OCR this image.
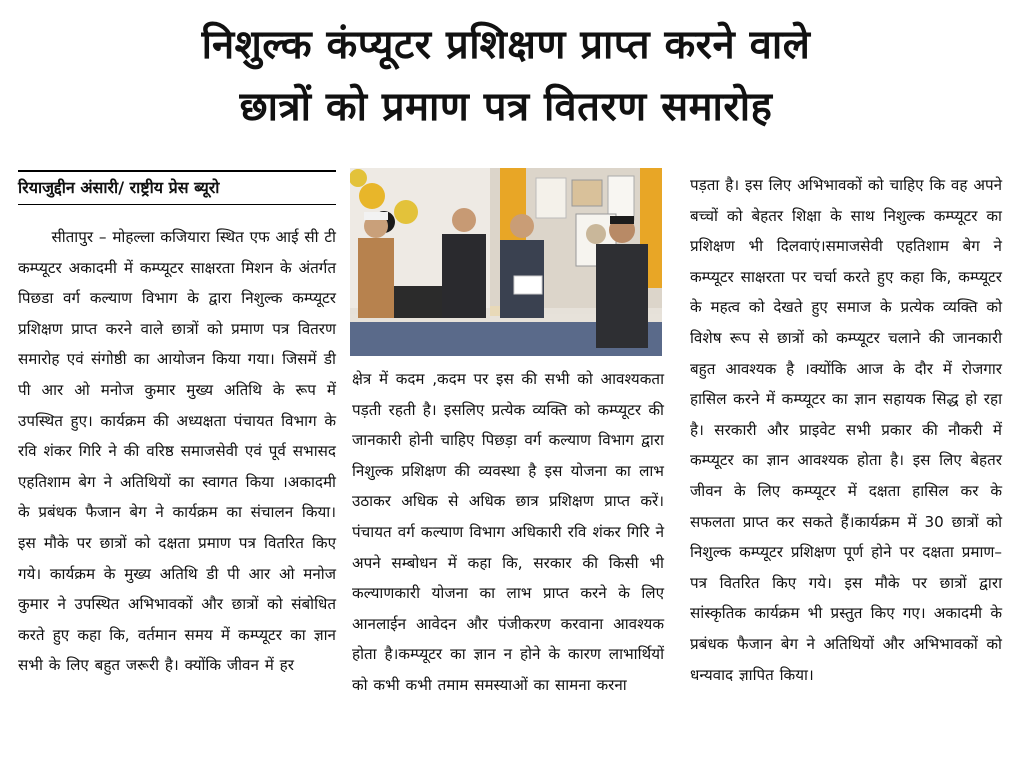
निशुल्क कंप्यूटर प्रशिक्षण प्राप्त करने वाले
छात्रों को प्रमाण पत्र वितरण समारोह
रियाजुद्दीन अंसारी/ राष्ट्रीय प्रेस ब्यूरो

सीतापुर – मोहल्ला कजियारा स्थित एफ आई सी टी कम्प्यूटर अकादमी में कम्प्यूटर साक्षरता मिशन के अंतर्गत पिछडा वर्ग कल्याण विभाग के द्वारा निशुल्क कम्प्यूटर प्रशिक्षण प्राप्त करने वाले छात्रों को प्रमाण पत्र वितरण समारोह एवं संगोष्ठी का आयोजन किया गया। जिसमें डी पी आर ओ मनोज कुमार मुख्य अतिथि के रूप में उपस्थित हुए। कार्यक्रम की अध्यक्षता पंचायत विभाग के रवि शंकर गिरि ने की वरिष्ठ समाजसेवी एवं पूर्व सभासद एहतिशाम बेग ने अतिथियों का स्वागत किया ।अकादमी के प्रबंधक फैजान बेग ने कार्यक्रम का संचालन किया। इस मौके पर छात्रों को दक्षता प्रमाण पत्र वितरित किए गये। कार्यक्रम के मुख्य अतिथि डी पी आर ओ मनोज कुमार ने उपस्थित अभिभावकों और छात्रों को संबोधित करते हुए कहा कि, वर्तमान समय में कम्प्यूटर का ज्ञान सभी के लिए बहुत जरूरी है। क्योंकि जीवन में हर

क्षेत्र में कदम ,कदम पर इस की सभी को आवश्यकता पड़ती रहती है। इसलिए प्रत्येक व्यक्ति को कम्प्यूटर की जानकारी होनी चाहिए पिछड़ा वर्ग कल्याण विभाग द्वारा निशुल्क प्रशिक्षण की व्यवस्था है इस योजना का लाभ उठाकर अधिक से अधिक छात्र प्रशिक्षण प्राप्त करें। पंचायत वर्ग कल्याण विभाग अधिकारी रवि शंकर गिरि ने अपने सम्बोधन में कहा कि, सरकार की किसी भी कल्याणकारी योजना का लाभ प्राप्त करने के लिए आनलाईन आवेदन और पंजीकरण करवाना आवश्यक होता है।कम्प्यूटर का ज्ञान न होने के कारण लाभार्थियों को कभी कभी तमाम समस्याओं का सामना करना

पड़ता है। इस लिए अभिभावकों को चाहिए कि वह अपने बच्चों को बेहतर शिक्षा के साथ निशुल्क कम्प्यूटर का प्रशिक्षण भी दिलवाएं।समाजसेवी एहतिशाम बेग ने कम्प्यूटर साक्षरता पर चर्चा करते हुए कहा कि, कम्प्यूटर के महत्व को देखते हुए समाज के प्रत्येक व्यक्ति को विशेष रूप से छात्रों को कम्प्यूटर चलाने की जानकारी बहुत आवश्यक है ।क्योंकि आज के दौर में रोजगार हासिल करने में कम्प्यूटर का ज्ञान सहायक सिद्ध हो रहा है। सरकारी और प्राइवेट सभी प्रकार की नौकरी में कम्प्यूटर का ज्ञान आवश्यक होता है। इस लिए बेहतर जीवन के लिए कम्प्यूटर में दक्षता हासिल कर के सफलता प्राप्त कर सकते हैं।कार्यक्रम में 30 छात्रों को निशुल्क कम्प्यूटर प्रशिक्षण पूर्ण होने पर दक्षता प्रमाण–पत्र वितरित किए गये। इस मौके पर छात्रों द्वारा सांस्कृतिक कार्यक्रम भी प्रस्तुत किए गए। अकादमी के प्रबंधक फैजान बेग ने अतिथियों और अभिभावकों को धन्यवाद ज्ञापित किया।
